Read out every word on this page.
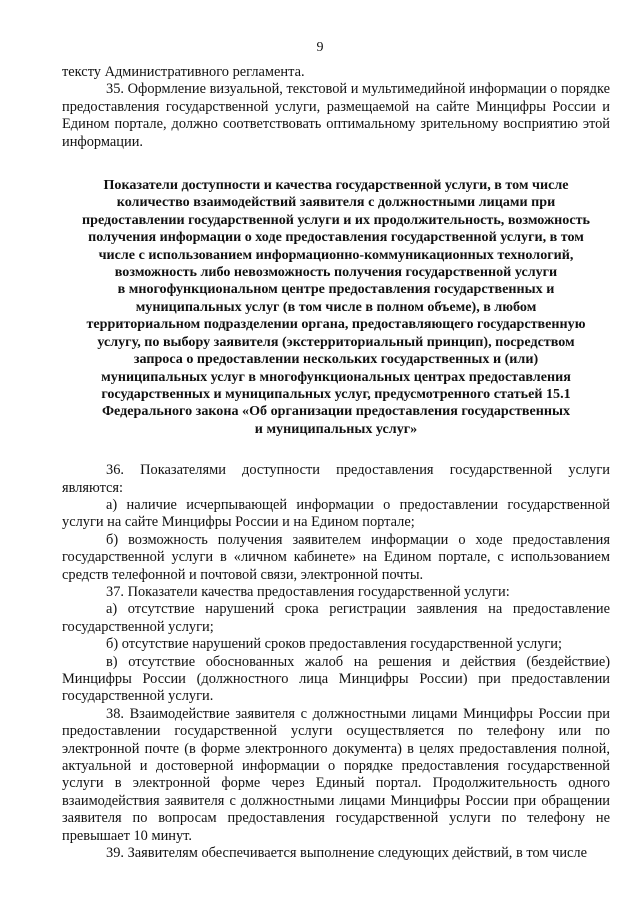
9

тексту Административного регламента.

35. Оформление визуальной, текстовой и мультимедийной информации о порядке предоставления государственной услуги, размещаемой на сайте Минцифры России и Едином портале, должно соответствовать оптимальному зрительному восприятию этой информации.

Показатели доступности и качества государственной услуги, в том числе
количество взаимодействий заявителя с должностными лицами при
предоставлении государственной услуги и их продолжительность, возможность
получения информации о ходе предоставления государственной услуги, в том
числе с использованием информационно-коммуникационных технологий,
возможность либо невозможность получения государственной услуги
в многофункциональном центре предоставления государственных и
муниципальных услуг (в том числе в полном объеме), в любом
территориальном подразделении органа, предоставляющего государственную
услугу, по выбору заявителя (экстерриториальный принцип), посредством
запроса о предоставлении нескольких государственных и (или)
муниципальных услуг в многофункциональных центрах предоставления
государственных и муниципальных услуг, предусмотренного статьей 15.1
Федерального закона «Об организации предоставления государственных
и муниципальных услуг»

36. Показателями доступности предоставления государственной услуги являются:

а) наличие исчерпывающей информации о предоставлении государственной услуги на сайте Минцифры России и на Едином портале;

б) возможность получения заявителем информации о ходе предоставления государственной услуги в «личном кабинете» на Едином портале, с использованием средств телефонной и почтовой связи, электронной почты.

37. Показатели качества предоставления государственной услуги:

а) отсутствие нарушений срока регистрации заявления на предоставление государственной услуги;

б) отсутствие нарушений сроков предоставления государственной услуги;

в) отсутствие обоснованных жалоб на решения и действия (бездействие) Минцифры России (должностного лица Минцифры России) при предоставлении государственной услуги.

38. Взаимодействие заявителя с должностными лицами Минцифры России при предоставлении государственной услуги осуществляется по телефону или по электронной почте (в форме электронного документа) в целях предоставления полной, актуальной и достоверной информации о порядке предоставления государственной услуги в электронной форме через Единый портал. Продолжительность одного взаимодействия заявителя с должностными лицами Минцифры России при обращении заявителя по вопросам предоставления государственной услуги по телефону не превышает 10 минут.

39. Заявителям обеспечивается выполнение следующих действий, в том числе
